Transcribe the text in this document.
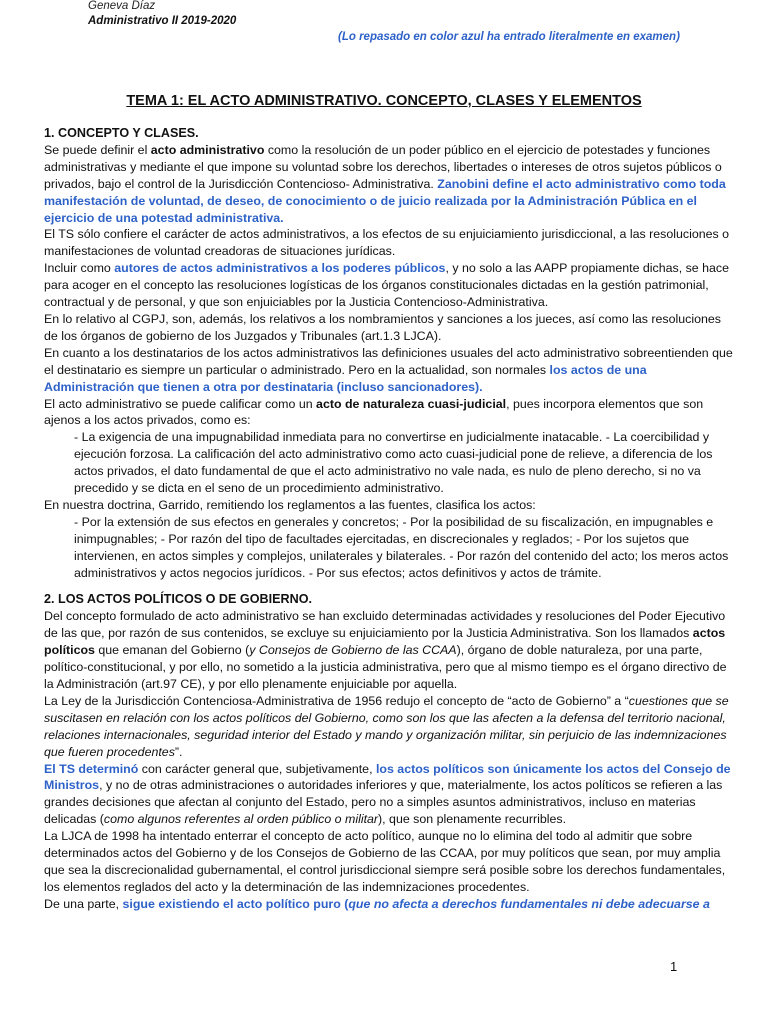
Geneva Díaz
Administrativo II 2019-2020
(Lo repasado en color azul ha entrado literalmente en examen)
TEMA 1: EL ACTO ADMINISTRATIVO. CONCEPTO, CLASES Y ELEMENTOS

1. CONCEPTO Y CLASES.

Se puede definir el acto administrativo como la resolución de un poder público en el ejercicio de potestades y funciones administrativas y mediante el que impone su voluntad sobre los derechos, libertades o intereses de otros sujetos públicos o privados, bajo el control de la Jurisdicción Contencioso- Administrativa. Zanobini define el acto administrativo como toda manifestación de voluntad, de deseo, de conocimiento o de juicio realizada por la Administración Pública en el ejercicio de una potestad administrativa.

El TS sólo confiere el carácter de actos administrativos, a los efectos de su enjuiciamiento jurisdiccional, a las resoluciones o manifestaciones de voluntad creadoras de situaciones jurídicas.

Incluir como autores de actos administrativos a los poderes públicos, y no solo a las AAPP propiamente dichas, se hace para acoger en el concepto las resoluciones logísticas de los órganos constitucionales dictadas en la gestión patrimonial, contractual y de personal, y que son enjuiciables por la Justicia Contencioso-Administrativa.

En lo relativo al CGPJ, son, además, los relativos a los nombramientos y sanciones a los jueces, así como las resoluciones de los órganos de gobierno de los Juzgados y Tribunales (art.1.3 LJCA).

En cuanto a los destinatarios de los actos administrativos las definiciones usuales del acto administrativo sobreentienden que el destinatario es siempre un particular o administrado. Pero en la actualidad, son normales los actos de una Administración que tienen a otra por destinataria (incluso sancionadores).

El acto administrativo se puede calificar como un acto de naturaleza cuasi-judicial, pues incorpora elementos que son ajenos a los actos privados, como es:

- La exigencia de una impugnabilidad inmediata para no convertirse en judicialmente inatacable. - La coercibilidad y ejecución forzosa. La calificación del acto administrativo como acto cuasi-judicial pone de relieve, a diferencia de los actos privados, el dato fundamental de que el acto administrativo no vale nada, es nulo de pleno derecho, si no va precedido y se dicta en el seno de un procedimiento administrativo.

En nuestra doctrina, Garrido, remitiendo los reglamentos a las fuentes, clasifica los actos:

- Por la extensión de sus efectos en generales y concretos; - Por la posibilidad de su fiscalización, en impugnables e inimpugnables; - Por razón del tipo de facultades ejercitadas, en discrecionales y reglados; - Por los sujetos que intervienen, en actos simples y complejos, unilaterales y bilaterales. - Por razón del contenido del acto; los meros actos administrativos y actos negocios jurídicos. - Por sus efectos; actos definitivos y actos de trámite.

2. LOS ACTOS POLÍTICOS O DE GOBIERNO.

Del concepto formulado de acto administrativo se han excluido determinadas actividades y resoluciones del Poder Ejecutivo de las que, por razón de sus contenidos, se excluye su enjuiciamiento por la Justicia Administrativa. Son los llamados actos políticos que emanan del Gobierno (y Consejos de Gobierno de las CCAA), órgano de doble naturaleza, por una parte, político-constitucional, y por ello, no sometido a la justicia administrativa, pero que al mismo tiempo es el órgano directivo de la Administración (art.97 CE), y por ello plenamente enjuiciable por aquella.

La Ley de la Jurisdicción Contenciosa-Administrativa de 1956 redujo el concepto de “acto de Gobierno” a “cuestiones que se suscitasen en relación con los actos políticos del Gobierno, como son los que las afecten a la defensa del territorio nacional, relaciones internacionales, seguridad interior del Estado y mando y organización militar, sin perjuicio de las indemnizaciones que fueren procedentes”.

El TS determinó con carácter general que, subjetivamente, los actos políticos son únicamente los actos del Consejo de Ministros, y no de otras administraciones o autoridades inferiores y que, materialmente, los actos políticos se refieren a las grandes decisiones que afectan al conjunto del Estado, pero no a simples asuntos administrativos, incluso en materias delicadas (como algunos referentes al orden público o militar), que son plenamente recurribles.

La LJCA de 1998 ha intentado enterrar el concepto de acto político, aunque no lo elimina del todo al admitir que sobre determinados actos del Gobierno y de los Consejos de Gobierno de las CCAA, por muy políticos que sean, por muy amplia que sea la discrecionalidad gubernamental, el control jurisdiccional siempre será posible sobre los derechos fundamentales, los elementos reglados del acto y la determinación de las indemnizaciones procedentes.

De una parte, sigue existiendo el acto político puro (que no afecta a derechos fundamentales ni debe adecuarse a

1
